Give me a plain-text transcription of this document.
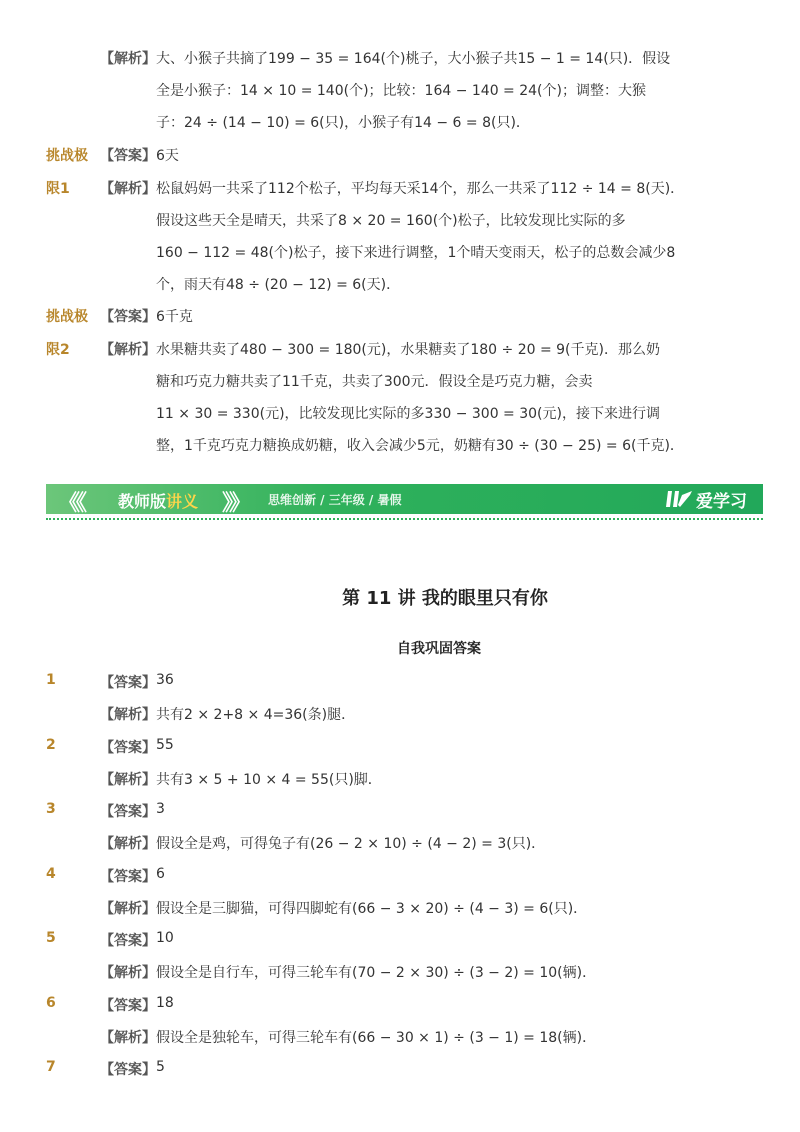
【解析】 大、小猴子共摘了199 − 35 = 164(个)桃子，大小猴子共15 − 1 = 14(只)．假设
全是小猴子：14 × 10 = 140(个)；比较：164 − 140 = 24(个)；调整：大猴
子：24 ÷ (14 − 10) = 6(只)，小猴子有14 − 6 = 8(只)．
挑战极 【答案】 6天
限1 【解析】 松鼠妈妈一共采了112个松子，平均每天采14个，那么一共采了112 ÷ 14 = 8(天)．
假设这些天全是晴天，共采了8 × 20 = 160(个)松子，比较发现比实际的多
160 − 112 = 48(个)松子，接下来进行调整，1个晴天变雨天，松子的总数会减少8
个，雨天有48 ÷ (20 − 12) = 6(天)．
挑战极 【答案】 6千克
限2 【解析】 水果糖共卖了480 − 300 = 180(元)，水果糖卖了180 ÷ 20 = 9(千克)．那么奶
糖和巧克力糖共卖了11千克，共卖了300元．假设全是巧克力糖，会卖
11 × 30 = 330(元)，比较发现比实际的多330 − 300 = 30(元)，接下来进行调
整，1千克巧克力糖换成奶糖，收入会减少5元，奶糖有30 ÷ (30 − 25) = 6(千克)．
《《 教师版讲义 》》 思维创新 / 三年级 / 暑假	爱学习
第 11 讲 我的眼里只有你
自我巩固答案
1	【答案】 36
【解析】 共有2 × 2+8 × 4=36(条)腿．
2	【答案】 55
【解析】 共有3 × 5 + 10 × 4 = 55(只)脚．
3	【答案】 3
【解析】 假设全是鸡，可得兔子有(26 − 2 × 10) ÷ (4 − 2) = 3(只)．
4	【答案】 6
【解析】 假设全是三脚猫，可得四脚蛇有(66 − 3 × 20) ÷ (4 − 3) = 6(只)．
5	【答案】 10
【解析】 假设全是自行车，可得三轮车有(70 − 2 × 30) ÷ (3 − 2) = 10(辆)．
6	【答案】 18
【解析】 假设全是独轮车，可得三轮车有(66 − 30 × 1) ÷ (3 − 1) = 18(辆)．
7	【答案】 5
